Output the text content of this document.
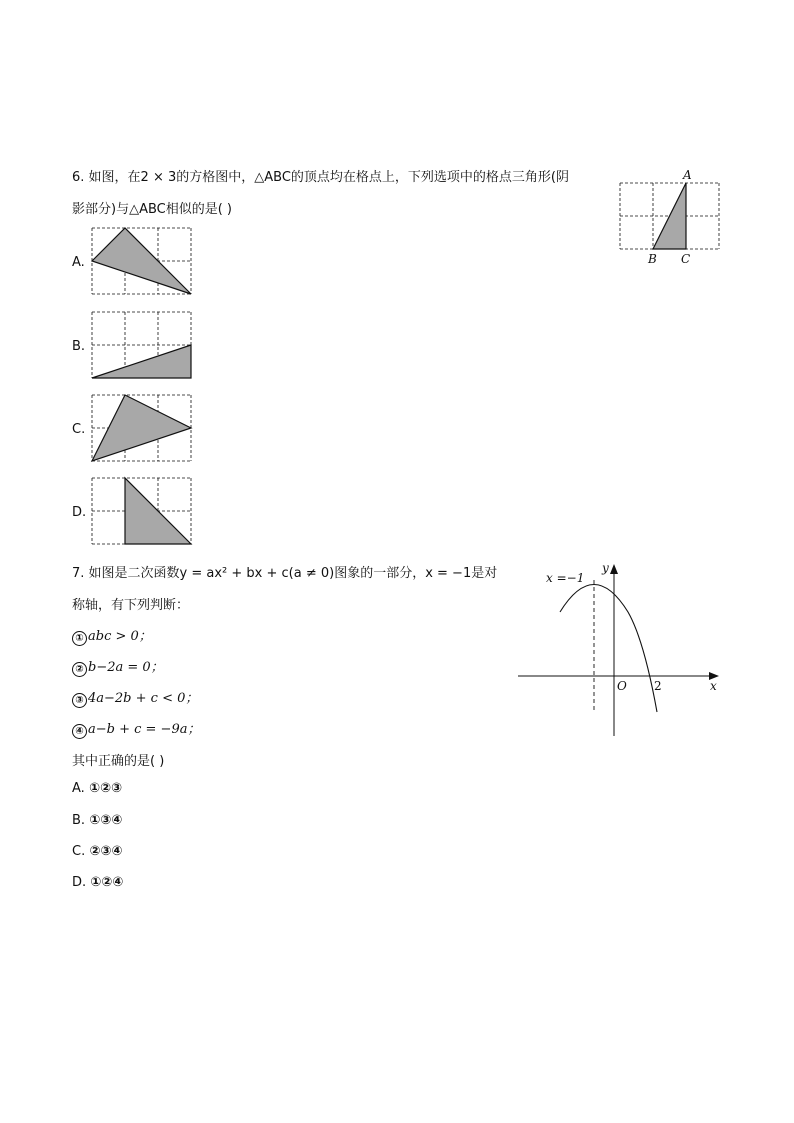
6. 如图，在2 × 3的方格图中，△ABC的顶点均在格点上，下列选项中的格点三角形(阴
影部分)与△ABC相似的是( )
A
B C
A.
B.
C.
D.
7. 如图是二次函数y = ax² + bx + c(a ≠ 0)图象的一部分，x = −1是对
称轴，有下列判断：
① abc > 0；
② b−2a = 0；
③ 4a−2b + c < 0；
④ a−b + c = −9a；
其中正确的是( )
A. ①②③
B. ①③④
C. ②③④
D. ①②④
x =−1
y
x
O 2
